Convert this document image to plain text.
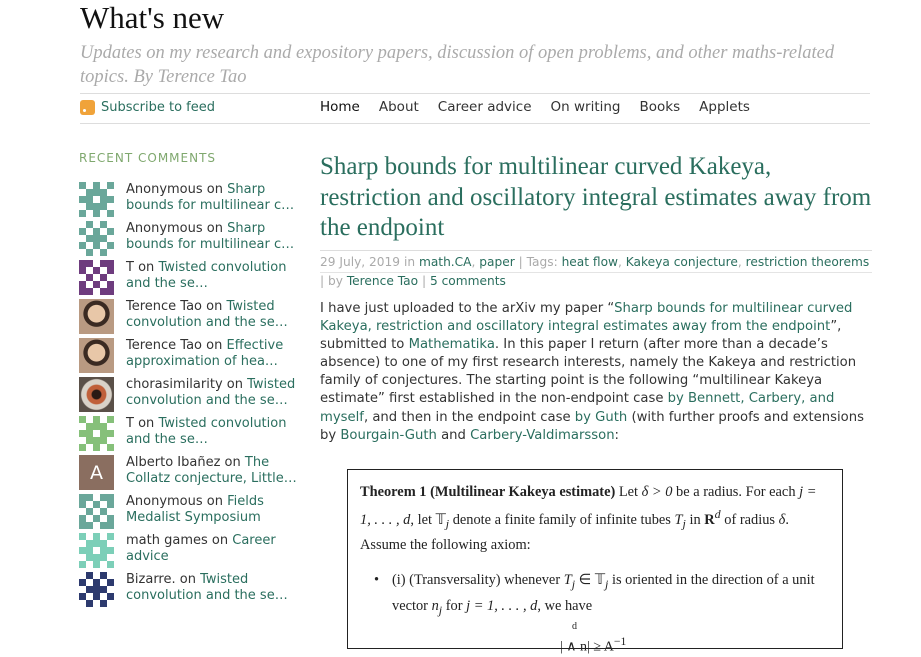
What's new
Updates on my research and expository papers, discussion of open problems, and other maths-related topics. By Terence Tao
Subscribe to feed	Home About Career advice On writing Books Applets
RECENT COMMENTS
Anonymous on Sharp bounds for multilinear c…
Anonymous on Sharp bounds for multilinear c…
T on Twisted convolution and the se…
Terence Tao on Twisted convolution and the se…
Terence Tao on Effective approximation of hea…
chorasimilarity on Twisted convolution and the se…
T on Twisted convolution and the se…
A	Alberto Ibañez on The Collatz conjecture, Little…
Anonymous on Fields Medalist Symposium
math games on Career advice
Bizarre. on Twisted convolution and the se…
Sharp bounds for multilinear curved Kakeya, restriction and oscillatory integral estimates away from the endpoint
29 July, 2019 in math.CA, paper | Tags: heat flow, Kakeya conjecture, restriction theorems
| by Terence Tao | 5 comments
I have just uploaded to the arXiv my paper “Sharp bounds for multilinear curved Kakeya, restriction and oscillatory integral estimates away from the endpoint”, submitted to Mathematika. In this paper I return (after more than a decade’s absence) to one of my first research interests, namely the Kakeya and restriction family of conjectures. The starting point is the following “multilinear Kakeya estimate” first established in the non-endpoint case by Bennett, Carbery, and myself, and then in the endpoint case by Guth (with further proofs and extensions by Bourgain-Guth and Carbery-Valdimarsson:
Theorem 1 (Multilinear Kakeya estimate) Let δ > 0 be a radius. For each j = 1, . . . , d, let 𝕋$_j$ denote a finite family of infinite tubes $T_j$ in $R^d$ of radius δ. Assume the following axiom:
• (i) (Transversality) whenever $T_j$ ∈ 𝕋$_j$ is oriented in the direction of a unit vector $n_j$ for j = 1, . . . , d, we have
d
| ∧ $n| \ge A^{-1}$
